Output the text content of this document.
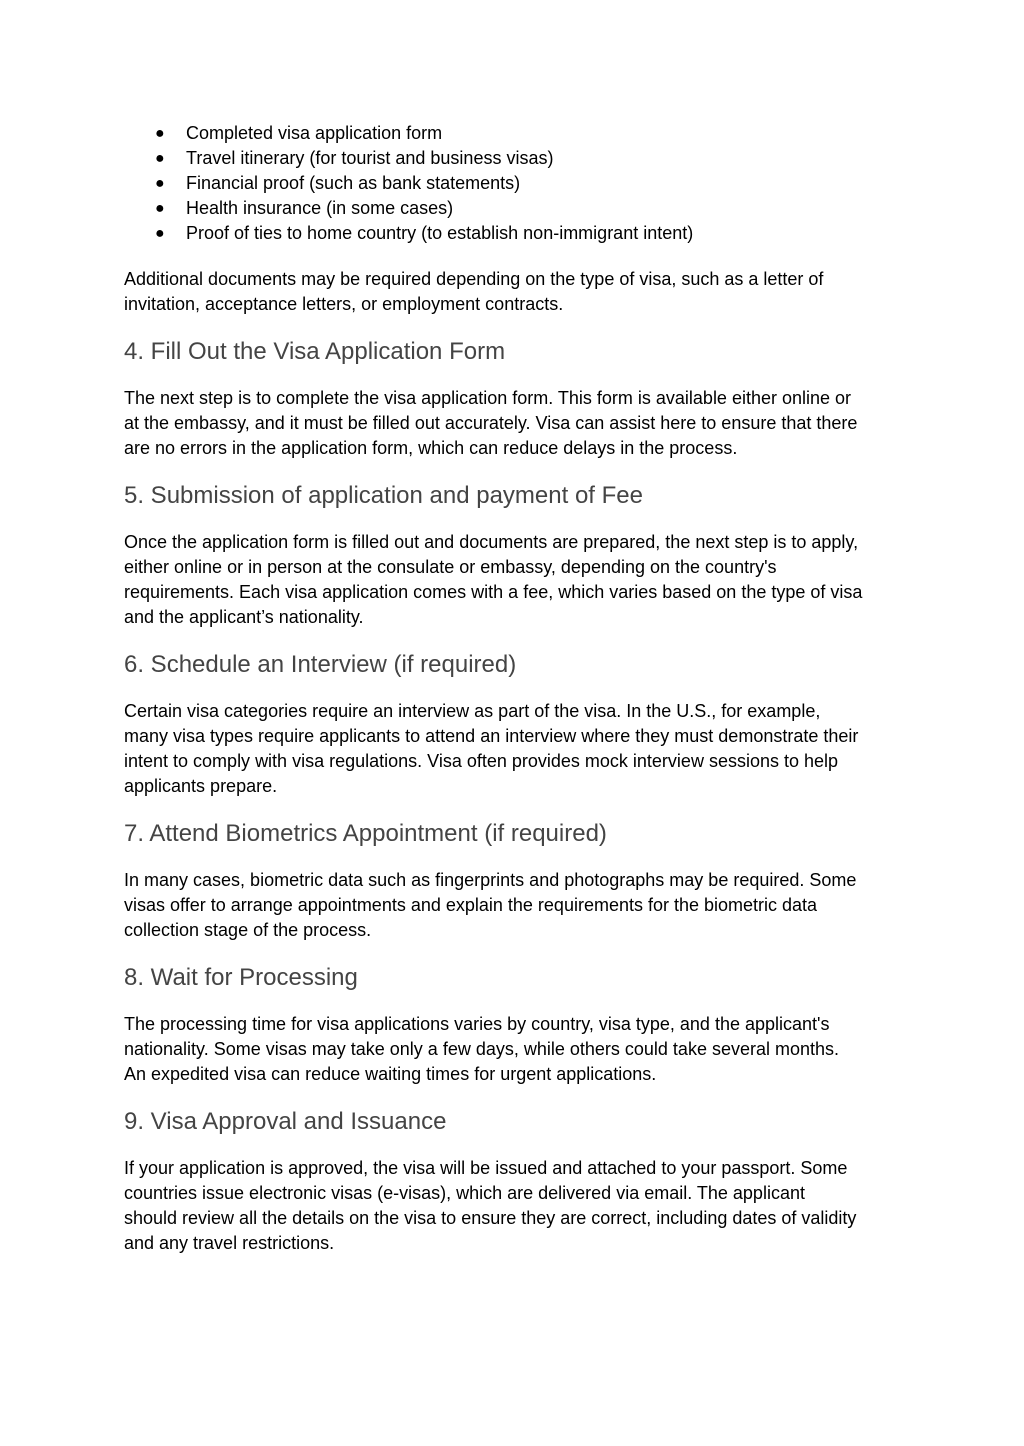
● Completed visa application form
● Travel itinerary (for tourist and business visas)
● Financial proof (such as bank statements)
● Health insurance (in some cases)
● Proof of ties to home country (to establish non-immigrant intent)

Additional documents may be required depending on the type of visa, such as a letter of
invitation, acceptance letters, or employment contracts.

4. Fill Out the Visa Application Form

The next step is to complete the visa application form. This form is available either online or
at the embassy, and it must be filled out accurately. Visa can assist here to ensure that there
are no errors in the application form, which can reduce delays in the process.

5. Submission of application and payment of Fee

Once the application form is filled out and documents are prepared, the next step is to apply,
either online or in person at the consulate or embassy, depending on the country's
requirements. Each visa application comes with a fee, which varies based on the type of visa
and the applicant’s nationality.

6. Schedule an Interview (if required)

Certain visa categories require an interview as part of the visa. In the U.S., for example,
many visa types require applicants to attend an interview where they must demonstrate their
intent to comply with visa regulations. Visa often provides mock interview sessions to help
applicants prepare.

7. Attend Biometrics Appointment (if required)

In many cases, biometric data such as fingerprints and photographs may be required. Some
visas offer to arrange appointments and explain the requirements for the biometric data
collection stage of the process.

8. Wait for Processing

The processing time for visa applications varies by country, visa type, and the applicant's
nationality. Some visas may take only a few days, while others could take several months.
An expedited visa can reduce waiting times for urgent applications.

9. Visa Approval and Issuance

If your application is approved, the visa will be issued and attached to your passport. Some
countries issue electronic visas (e-visas), which are delivered via email. The applicant
should review all the details on the visa to ensure they are correct, including dates of validity
and any travel restrictions.
